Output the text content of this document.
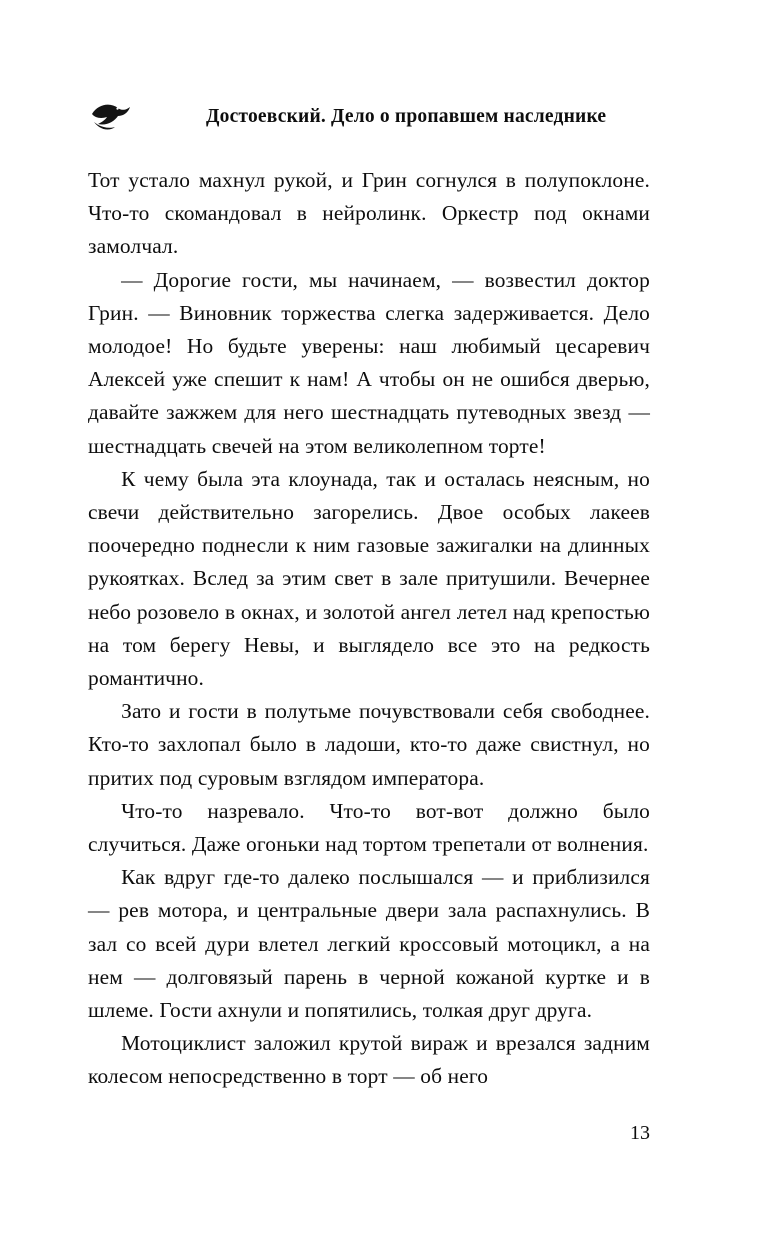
Достоевский. Дело о пропавшем наследнике

Тот устало махнул рукой, и Грин согнулся в полупоклоне. Что-то скомандовал в нейролинк. Оркестр под окнами замолчал.

— Дорогие гости, мы начинаем, — возвестил доктор Грин. — Виновник торжества слегка задерживается. Дело молодое! Но будьте уверены: наш любимый цесаревич Алексей уже спешит к нам! А чтобы он не ошибся дверью, давайте зажжем для него шестнадцать путеводных звезд — шестнадцать свечей на этом великолепном торте!

К чему была эта клоунада, так и осталась неясным, но свечи действительно загорелись. Двое особых лакеев поочередно поднесли к ним газовые зажигалки на длинных рукоятках. Вслед за этим свет в зале притушили. Вечернее небо розовело в окнах, и золотой ангел летел над крепостью на том берегу Невы, и выглядело все это на редкость романтично.

Зато и гости в полутьме почувствовали себя свободнее. Кто-то захлопал было в ладоши, кто-то даже свистнул, но притих под суровым взглядом императора.

Что-то назревало. Что-то вот-вот должно было случиться. Даже огоньки над тортом трепетали от волнения.

Как вдруг где-то далеко послышался — и приблизился — рев мотора, и центральные двери зала распахнулись. В зал со всей дури влетел легкий кроссовый мотоцикл, а на нем — долговязый парень в черной кожаной куртке и в шлеме. Гости ахнули и попятились, толкая друг друга.

Мотоциклист заложил крутой вираж и врезался задним колесом непосредственно в торт — об него

13
